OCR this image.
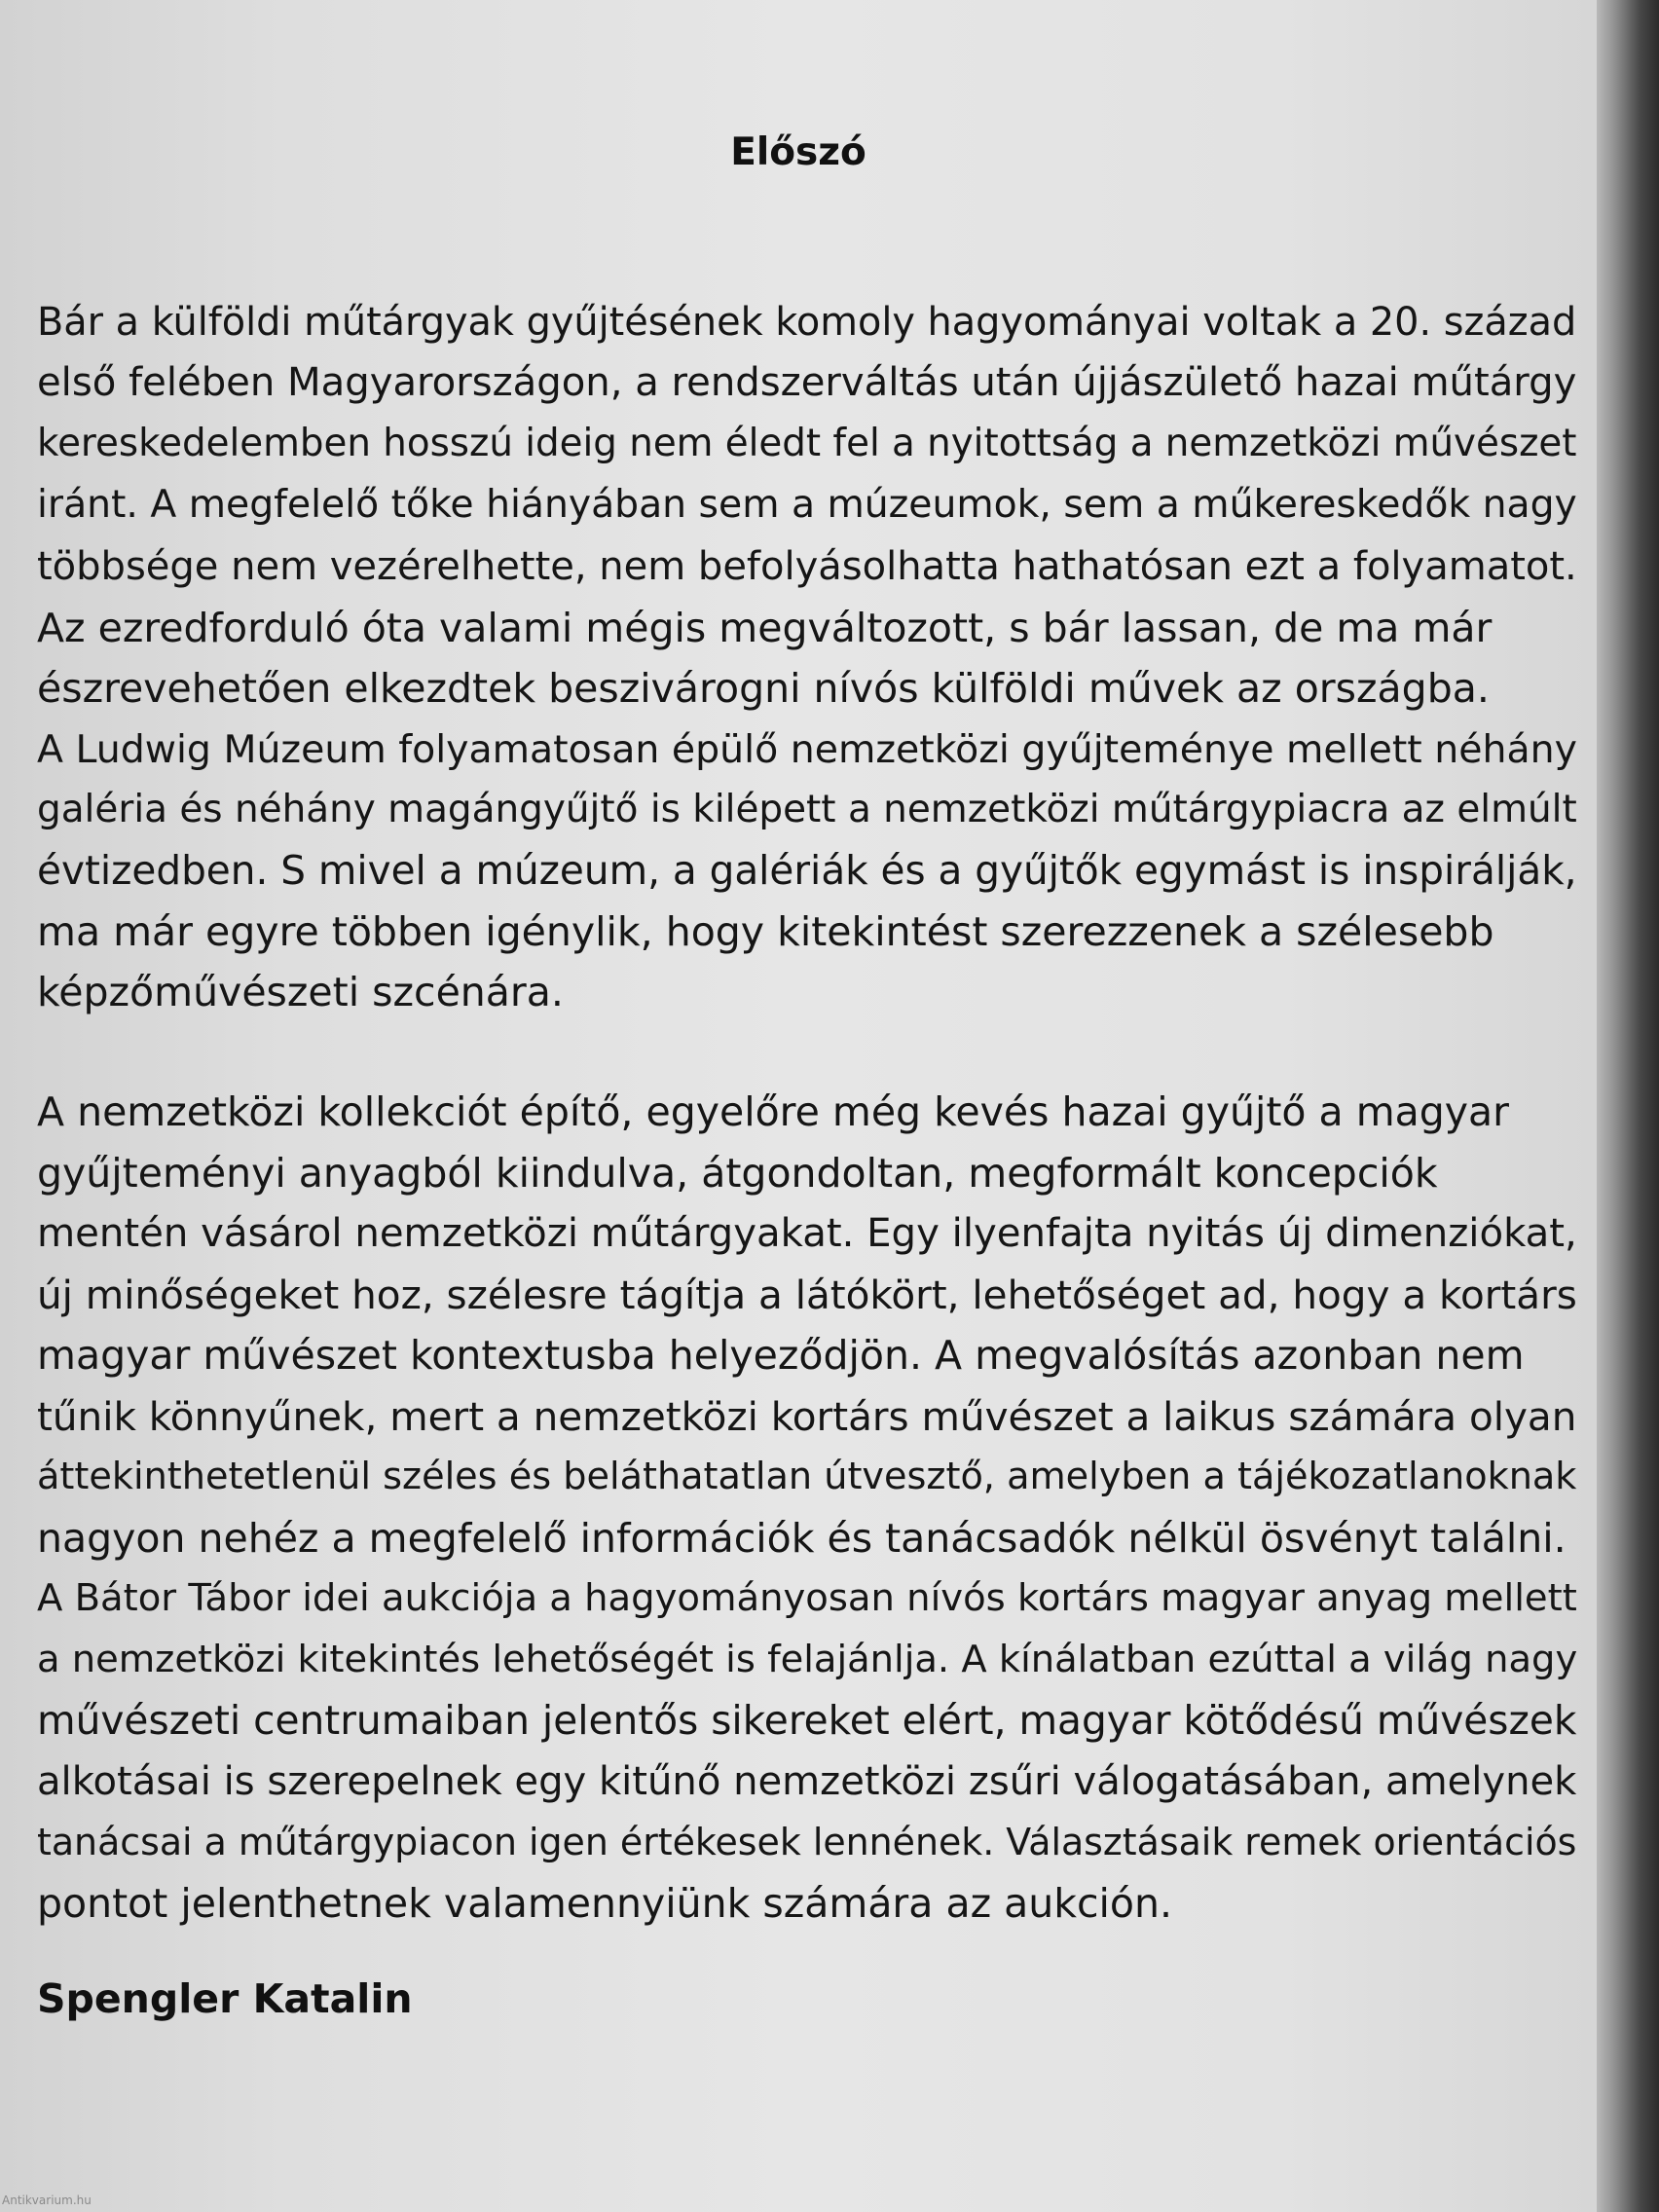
Előszó

Bár a külföldi műtárgyak gyűjtésének komoly hagyományai voltak a 20. század

első felében Magyarországon, a rendszerváltás után újjászülető hazai műtárgy

kereskedelemben hosszú ideig nem éledt fel a nyitottság a nemzetközi művészet

iránt. A megfelelő tőke hiányában sem a múzeumok, sem a műkereskedők nagy

többsége nem vezérelhette, nem befolyásolhatta hathatósan ezt a folyamatot.

Az ezredforduló óta valami mégis megváltozott, s bár lassan, de ma már

észrevehetően elkezdtek beszivárogni nívós külföldi művek az országba.

A Ludwig Múzeum folyamatosan épülő nemzetközi gyűjteménye mellett néhány

galéria és néhány magángyűjtő is kilépett a nemzetközi műtárgypiacra az elmúlt

évtizedben. S mivel a múzeum, a galériák és a gyűjtők egymást is inspirálják,

ma már egyre többen igénylik, hogy kitekintést szerezzenek a szélesebb

képzőművészeti szcénára.

A nemzetközi kollekciót építő, egyelőre még kevés hazai gyűjtő a magyar

gyűjteményi anyagból kiindulva, átgondoltan, megformált koncepciók

mentén vásárol nemzetközi műtárgyakat. Egy ilyenfajta nyitás új dimenziókat,

új minőségeket hoz, szélesre tágítja a látókört, lehetőséget ad, hogy a kortárs

magyar művészet kontextusba helyeződjön. A megvalósítás azonban nem

tűnik könnyűnek, mert a nemzetközi kortárs művészet a laikus számára olyan

áttekinthetetlenül széles és beláthatatlan útvesztő, amelyben a tájékozatlanoknak

nagyon nehéz a megfelelő információk és tanácsadók nélkül ösvényt találni.

A Bátor Tábor idei aukciója a hagyományosan nívós kortárs magyar anyag mellett

a nemzetközi kitekintés lehetőségét is felajánlja. A kínálatban ezúttal a világ nagy

művészeti centrumaiban jelentős sikereket elért, magyar kötődésű művészek

alkotásai is szerepelnek egy kitűnő nemzetközi zsűri válogatásában, amelynek

tanácsai a műtárgypiacon igen értékesek lennének. Választásaik remek orientációs

pontot jelenthetnek valamennyiünk számára az aukción.

Spengler Katalin

Antikvarium.hu
